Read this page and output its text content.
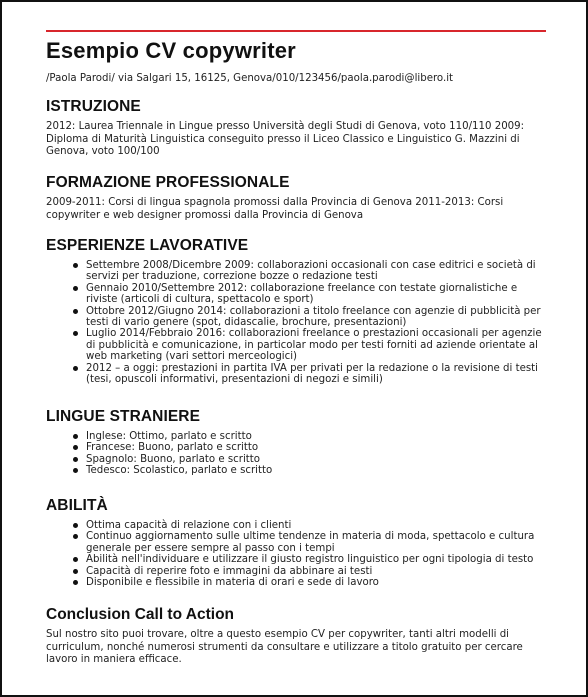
Esempio CV copywriter
/Paola Parodi/ via Salgari 15, 16125, Genova/010/123456/paola.parodi@libero.it
ISTRUZIONE

2012: Laurea Triennale in Lingue presso Università degli Studi di Genova, voto 110/110 2009: Diploma di Maturità Linguistica conseguito presso il Liceo Classico e Linguistico G. Mazzini di Genova, voto 100/100

FORMAZIONE PROFESSIONALE

2009-2011: Corsi di lingua spagnola promossi dalla Provincia di Genova 2011-2013: Corsi copywriter e web designer promossi dalla Provincia di Genova

ESPERIENZE LAVORATIVE
Settembre 2008/Dicembre 2009: collaborazioni occasionali con case editrici e società di servizi per traduzione, correzione bozze o redazione testi
Gennaio 2010/Settembre 2012: collaborazione freelance con testate giornalistiche e riviste (articoli di cultura, spettacolo e sport)
Ottobre 2012/Giugno 2014: collaborazioni a titolo freelance con agenzie di pubblicità per testi di vario genere (spot, didascalie, brochure, presentazioni)
Luglio 2014/Febbraio 2016: collaborazioni freelance o prestazioni occasionali per agenzie di pubblicità e comunicazione, in particolar modo per testi forniti ad aziende orientate al web marketing (vari settori merceologici)
2012 – a oggi: prestazioni in partita IVA per privati per la redazione o la revisione di testi (tesi, opuscoli informativi, presentazioni di negozi e simili)
LINGUE STRANIERE
Inglese: Ottimo, parlato e scritto
Francese: Buono, parlato e scritto
Spagnolo: Buono, parlato e scritto
Tedesco: Scolastico, parlato e scritto
ABILITÀ
Ottima capacità di relazione con i clienti
Continuo aggiornamento sulle ultime tendenze in materia di moda, spettacolo e cultura generale per essere sempre al passo con i tempi
Abilità nell'individuare e utilizzare il giusto registro linguistico per ogni tipologia di testo
Capacità di reperire foto e immagini da abbinare ai testi
Disponibile e flessibile in materia di orari e sede di lavoro
Conclusion Call to Action

Sul nostro sito puoi trovare, oltre a questo esempio CV per copywriter, tanti altri modelli di curriculum, nonché numerosi strumenti da consultare e utilizzare a titolo gratuito per cercare lavoro in maniera efficace.
